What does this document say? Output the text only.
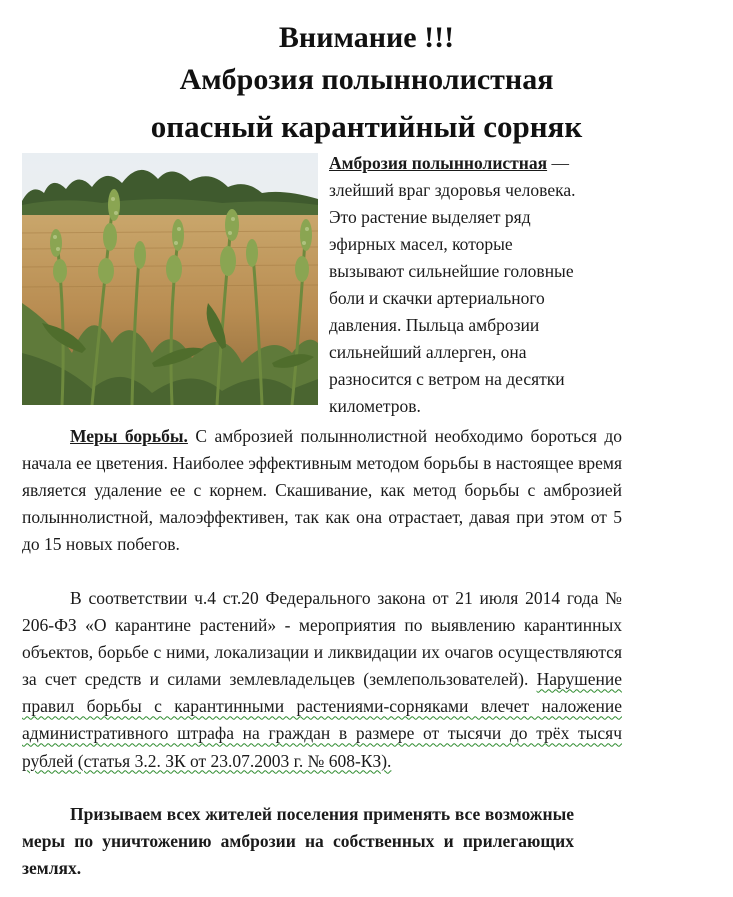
Внимание !!!
Амброзия полыннолистная
опасный карантийный сорняк
Амброзия полыннолистная —
злейший враг здоровья человека.
Это растение выделяет ряд
эфирных масел, которые
вызывают сильнейшие головные
боли и скачки артериального
давления. Пыльца амброзии
сильнейший аллерген, она
разносится с ветром на десятки
километров.
Меры борьбы. С амброзией полыннолистной необходимо бороться до начала ее цветения. Наиболее эффективным методом борьбы в настоящее время является удаление ее с корнем. Скашивание, как метод борьбы с амброзией полыннолистной, малоэффективен, так как она отрастает, давая при этом от 5 до 15 новых побегов.
В соответствии ч.4 ст.20 Федерального закона от 21 июля 2014 года № 206-ФЗ «О карантине растений» - мероприятия по выявлению карантинных объектов, борьбе с ними, локализации и ликвидации их очагов осуществляются за счет средств и силами землевладельцев (землепользователей). Нарушение правил борьбы с карантинными растениями-сорняками влечет наложение административного штрафа на граждан в размере от тысячи до трёх тысяч рублей (статья 3.2. ЗК от 23.07.2003 г. № 608-КЗ).
Призываем всех жителей поселения применять все возможные меры по уничтожению амброзии на собственных и прилегающих землях.
